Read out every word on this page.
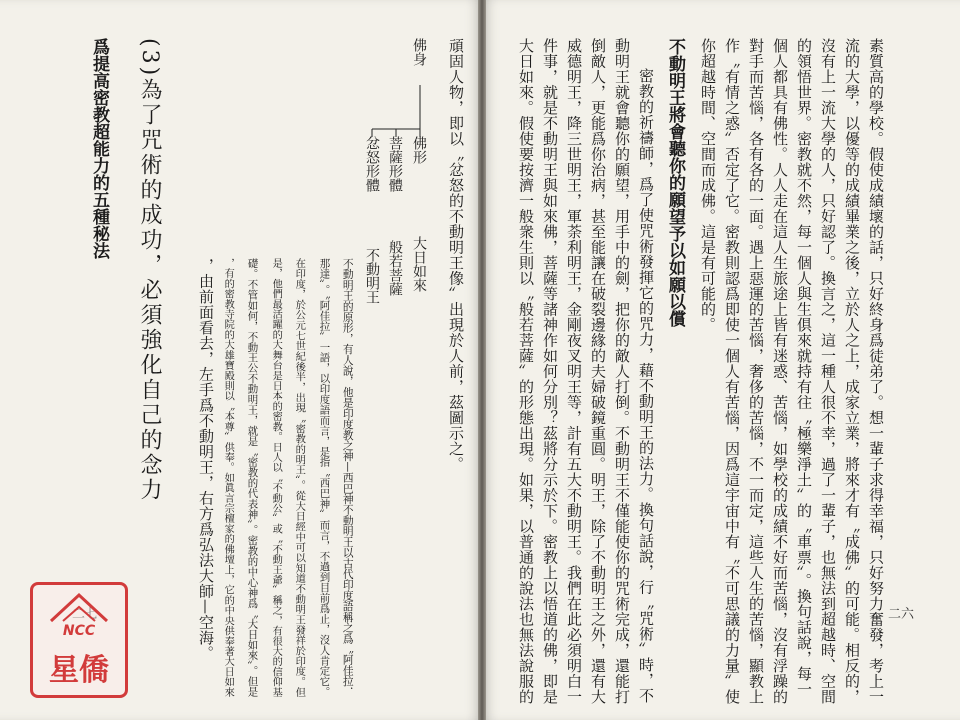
二七
頑固人物，即以〝忿怒的不動明王像〞出現於人前，茲圖示之。
佛身
佛形
大日如來
菩薩形體
般若菩薩
忿怒形體
不動明王
不動明王的原形，有人說，他是印度教之神—西巴神不動明王以古代印度語稱之爲〝阿佳拉．
那達〞。〝阿佳拉〞一語，以印度語而言，是指〝西巴神〞而言，不過到目前爲止，沒人肯定它。
在印度，於公元七世紀後半，出現〝密教的明王〞。從大日經中可以知道不動明王發祥於印度。但
是，他們最活躍的大舞台是日本的密教。日人以〝不動公〞或〝不動王爺〞稱之，有很大的信仰基
礎。不管如何，不動王公不動明王，就是〝密教的代表神〞。密教的中心神爲〝大日如來〞。但是
，有的密教寺院的大雄寶殿則以〝本尊〞供奉。如眞言宗檀家的佛壇上，它的中央供奉著大日如來
，由前面看去，左手爲不動明王，右方爲弘法大師—空海。
(3)為了咒術的成功，必須強化自己的念力
爲提高密教超能力的五種秘法
NCC
星僑
二六
素質高的學校。假使成績壞的話，只好終身爲徒弟了。想一輩子求得幸福，只好努力奮發，考上一
流的大學，以優等的成績畢業之後，立於人之上，成家立業，將來才有〝成佛〞的可能。相反的，
沒有上一流大學的人，只好認了。換言之，這一種人很不幸，過了一輩子，也無法到超越時、空間
的領悟世界。密教就不然，每一個人與生俱來就持有往〝極樂淨土〞的〝車票〞。換句話說，每一
個人都具有佛性。人人走在這人生旅途上皆有迷惑、苦惱，如學校的成績不好而苦惱，沒有浮躁的
對手而苦惱，各有各的一面。遇上惡運的苦惱，奢侈的苦惱，不一而定，這些人生的苦惱，顯教上
作〝有情之惑〞否定了它。密教則認爲即使一個人有苦惱，因爲這宇宙中有〝不可思議的力量〞使
你超越時間、空間而成佛。這是有可能的。
不動明王將會聽你的願望予以如願以償
密教的祈禱師，爲了使咒術發揮它的咒力，藉不動明王的法力。換句話說，行〝咒術〞時，不
動明王就會聽你的願望，用手中的劍，把你的敵人打倒。不動明王不僅能使你的咒術完成，還能打
倒敵人，更能爲你治病，甚至能讓在破裂邊緣的夫婦破鏡重圓。明王，除了不動明王之外，還有大
威德明王，降三世明王，軍荼利明王，金剛夜叉明王等，計有五大不動明王。我們在此必須明白一
件事，就是不動明王與如來佛，菩薩等諸神作如何分別？茲將分示於下。密教上以悟道的佛，即是
大日如來。假使要按濟一般衆生則以〝般若菩薩〞的形態出現。如果，以普通的說法也無法說服的
